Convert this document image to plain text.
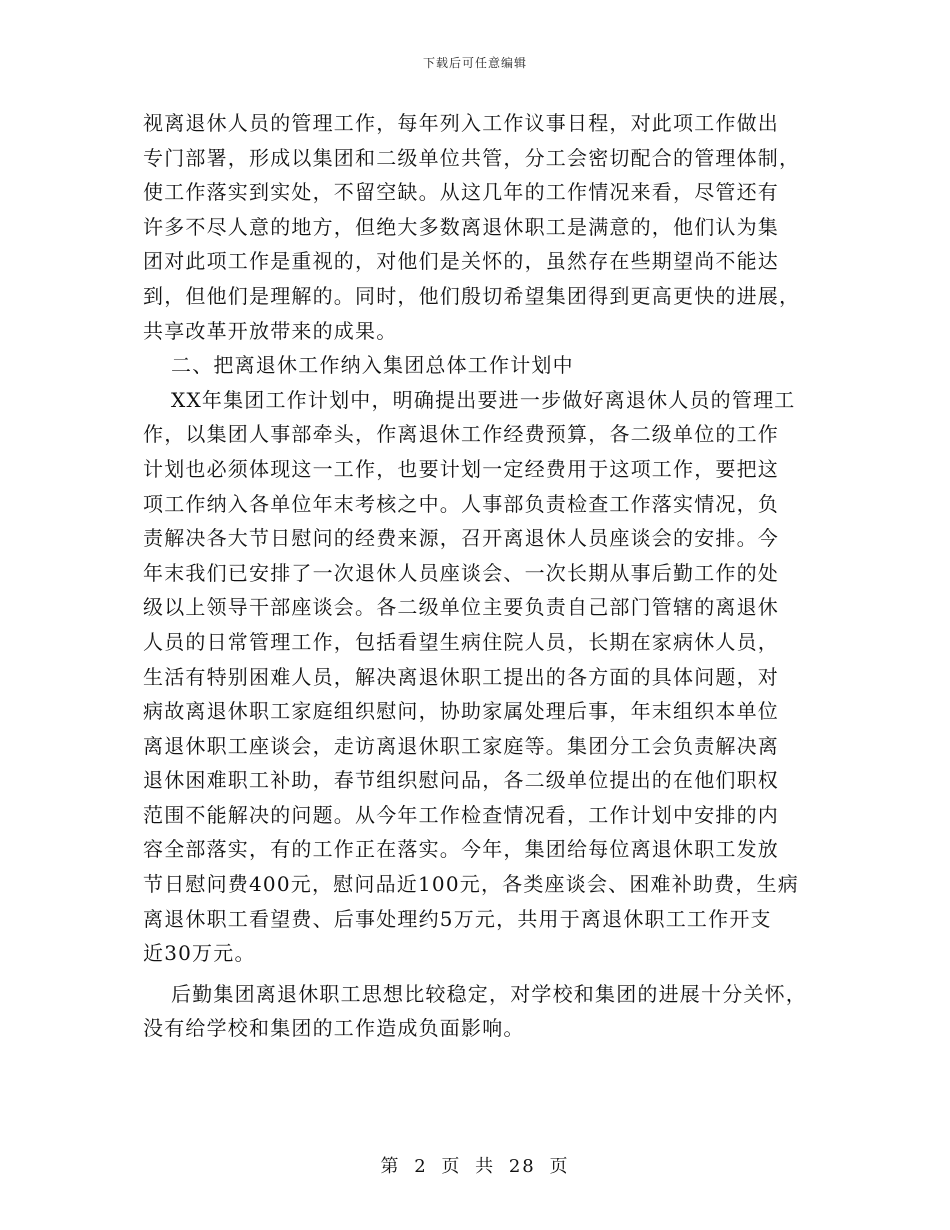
下载后可任意编辑
视离退休人员的管理工作，每年列入工作议事日程，对此项工作做出
专门部署，形成以集团和二级单位共管，分工会密切配合的管理体制，
使工作落实到实处，不留空缺。从这几年的工作情况来看，尽管还有
许多不尽人意的地方，但绝大多数离退休职工是满意的，他们认为集
团对此项工作是重视的，对他们是关怀的，虽然存在些期望尚不能达
到，但他们是理解的。同时，他们殷切希望集团得到更高更快的进展，
共享改革开放带来的成果。
二、把离退休工作纳入集团总体工作计划中
XX年集团工作计划中，明确提出要进一步做好离退休人员的管理工
作，以集团人事部牵头，作离退休工作经费预算，各二级单位的工作
计划也必须体现这一工作，也要计划一定经费用于这项工作，要把这
项工作纳入各单位年末考核之中。人事部负责检查工作落实情况，负
责解决各大节日慰问的经费来源，召开离退休人员座谈会的安排。今
年末我们已安排了一次退休人员座谈会、一次长期从事后勤工作的处
级以上领导干部座谈会。各二级单位主要负责自己部门管辖的离退休
人员的日常管理工作，包括看望生病住院人员，长期在家病休人员，
生活有特别困难人员，解决离退休职工提出的各方面的具体问题，对
病故离退休职工家庭组织慰问，协助家属处理后事，年末组织本单位
离退休职工座谈会，走访离退休职工家庭等。集团分工会负责解决离
退休困难职工补助，春节组织慰问品，各二级单位提出的在他们职权
范围不能解决的问题。从今年工作检查情况看，工作计划中安排的内
容全部落实，有的工作正在落实。今年，集团给每位离退休职工发放
节日慰问费400元，慰问品近100元，各类座谈会、困难补助费，生病
离退休职工看望费、后事处理约5万元，共用于离退休职工工作开支
近30万元。
后勤集团离退休职工思想比较稳定，对学校和集团的进展十分关怀，
没有给学校和集团的工作造成负面影响。
第 2 页 共 28 页
